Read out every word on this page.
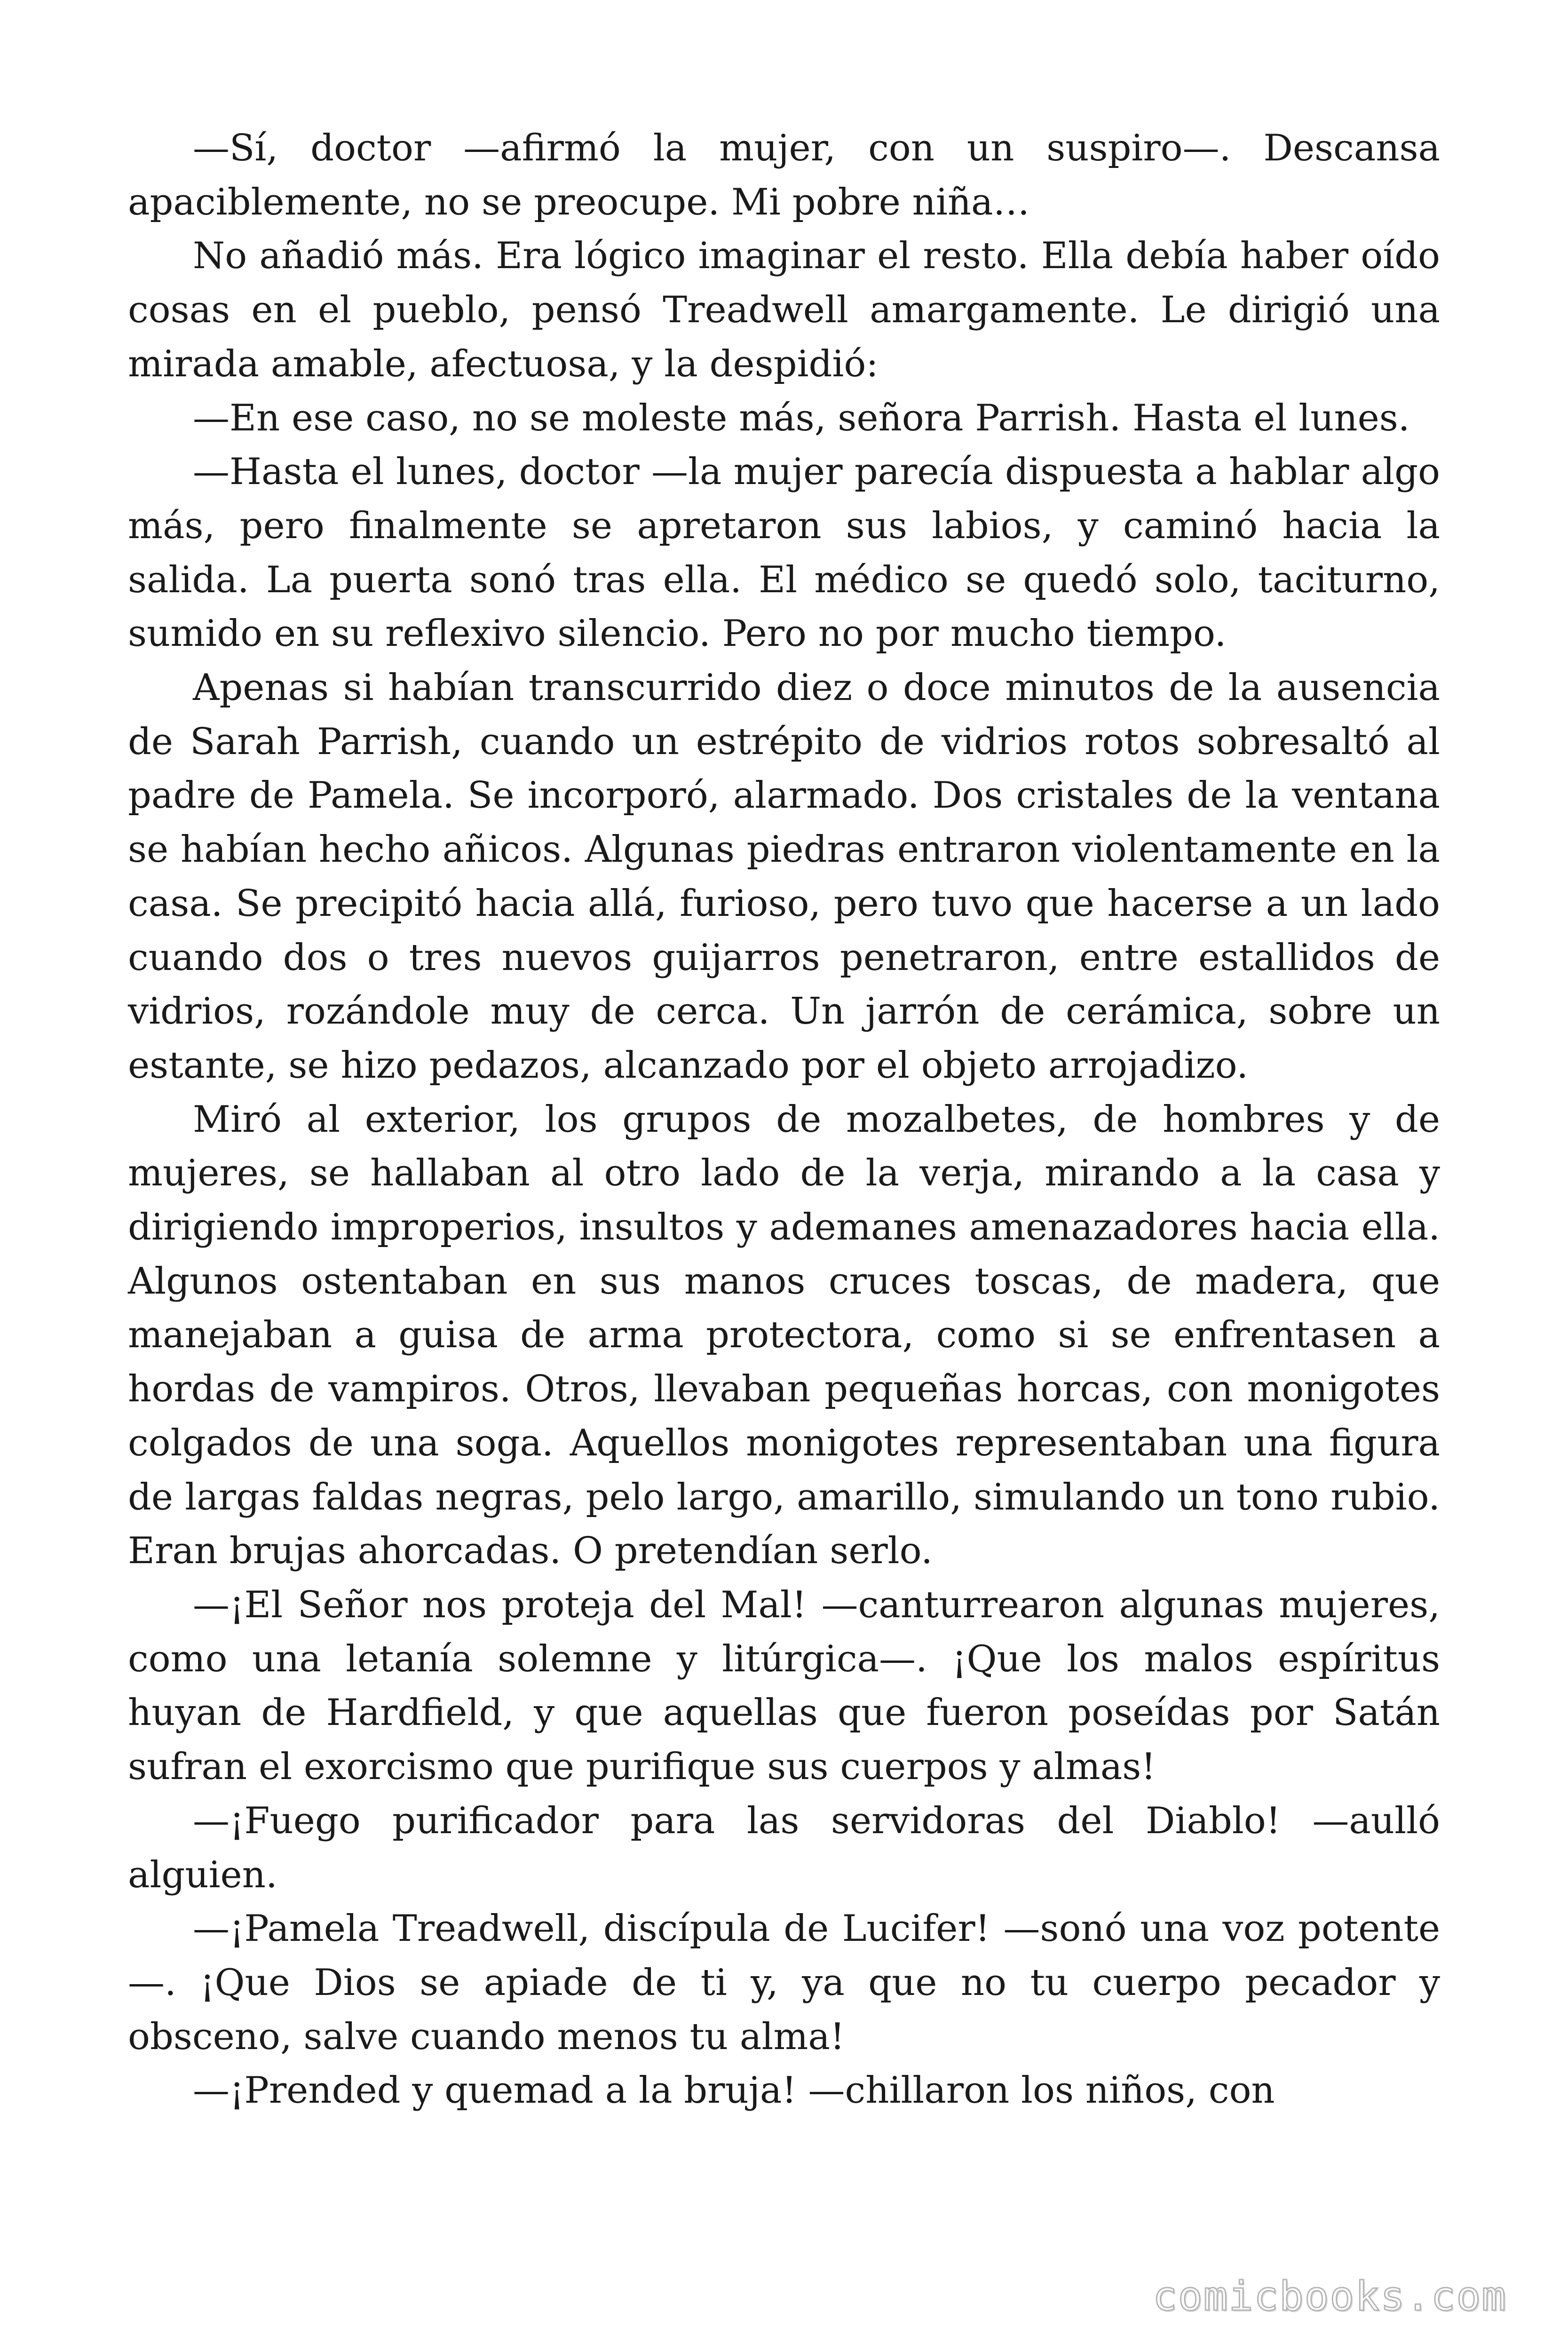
—Sí, doctor —afirmó la mujer, con un suspiro—. Descansa apaciblemente, no se preocupe. Mi pobre niña…

No añadió más. Era lógico imaginar el resto. Ella debía haber oído cosas en el pueblo, pensó Treadwell amargamente. Le dirigió una mirada amable, afectuosa, y la despidió:

—En ese caso, no se moleste más, señora Parrish. Hasta el lunes.

—Hasta el lunes, doctor —la mujer parecía dispuesta a hablar algo más, pero finalmente se apretaron sus labios, y caminó hacia la salida. La puerta sonó tras ella. El médico se quedó solo, taciturno, sumido en su reflexivo silencio. Pero no por mucho tiempo.

Apenas si habían transcurrido diez o doce minutos de la ausencia de Sarah Parrish, cuando un estrépito de vidrios rotos sobresaltó al padre de Pamela. Se incorporó, alarmado. Dos cristales de la ventana se habían hecho añicos. Algunas piedras entraron violentamente en la casa. Se precipitó hacia allá, furioso, pero tuvo que hacerse a un lado cuando dos o tres nuevos guijarros penetraron, entre estallidos de vidrios, rozándole muy de cerca. Un jarrón de cerámica, sobre un estante, se hizo pedazos, alcanzado por el objeto arrojadizo.

Miró al exterior, los grupos de mozalbetes, de hombres y de mujeres, se hallaban al otro lado de la verja, mirando a la casa y dirigiendo improperios, insultos y ademanes amenazadores hacia ella. Algunos ostentaban en sus manos cruces toscas, de madera, que manejaban a guisa de arma protectora, como si se enfrentasen a hordas de vampiros. Otros, llevaban pequeñas horcas, con monigotes colgados de una soga. Aquellos monigotes representaban una figura de largas faldas negras, pelo largo, amarillo, simulando un tono rubio. Eran brujas ahorcadas. O pretendían serlo.

—¡El Señor nos proteja del Mal! —canturrearon algunas mujeres, como una letanía solemne y litúrgica—. ¡Que los malos espíritus huyan de Hardfield, y que aquellas que fueron poseídas por Satán sufran el exorcismo que purifique sus cuerpos y almas!

—¡Fuego purificador para las servidoras del Diablo! —aulló alguien.

—¡Pamela Treadwell, discípula de Lucifer! —sonó una voz potente—. ¡Que Dios se apiade de ti y, ya que no tu cuerpo pecador y obsceno, salve cuando menos tu alma!

—¡Prended y quemad a la bruja! —chillaron los niños, con

comicbooks.com
